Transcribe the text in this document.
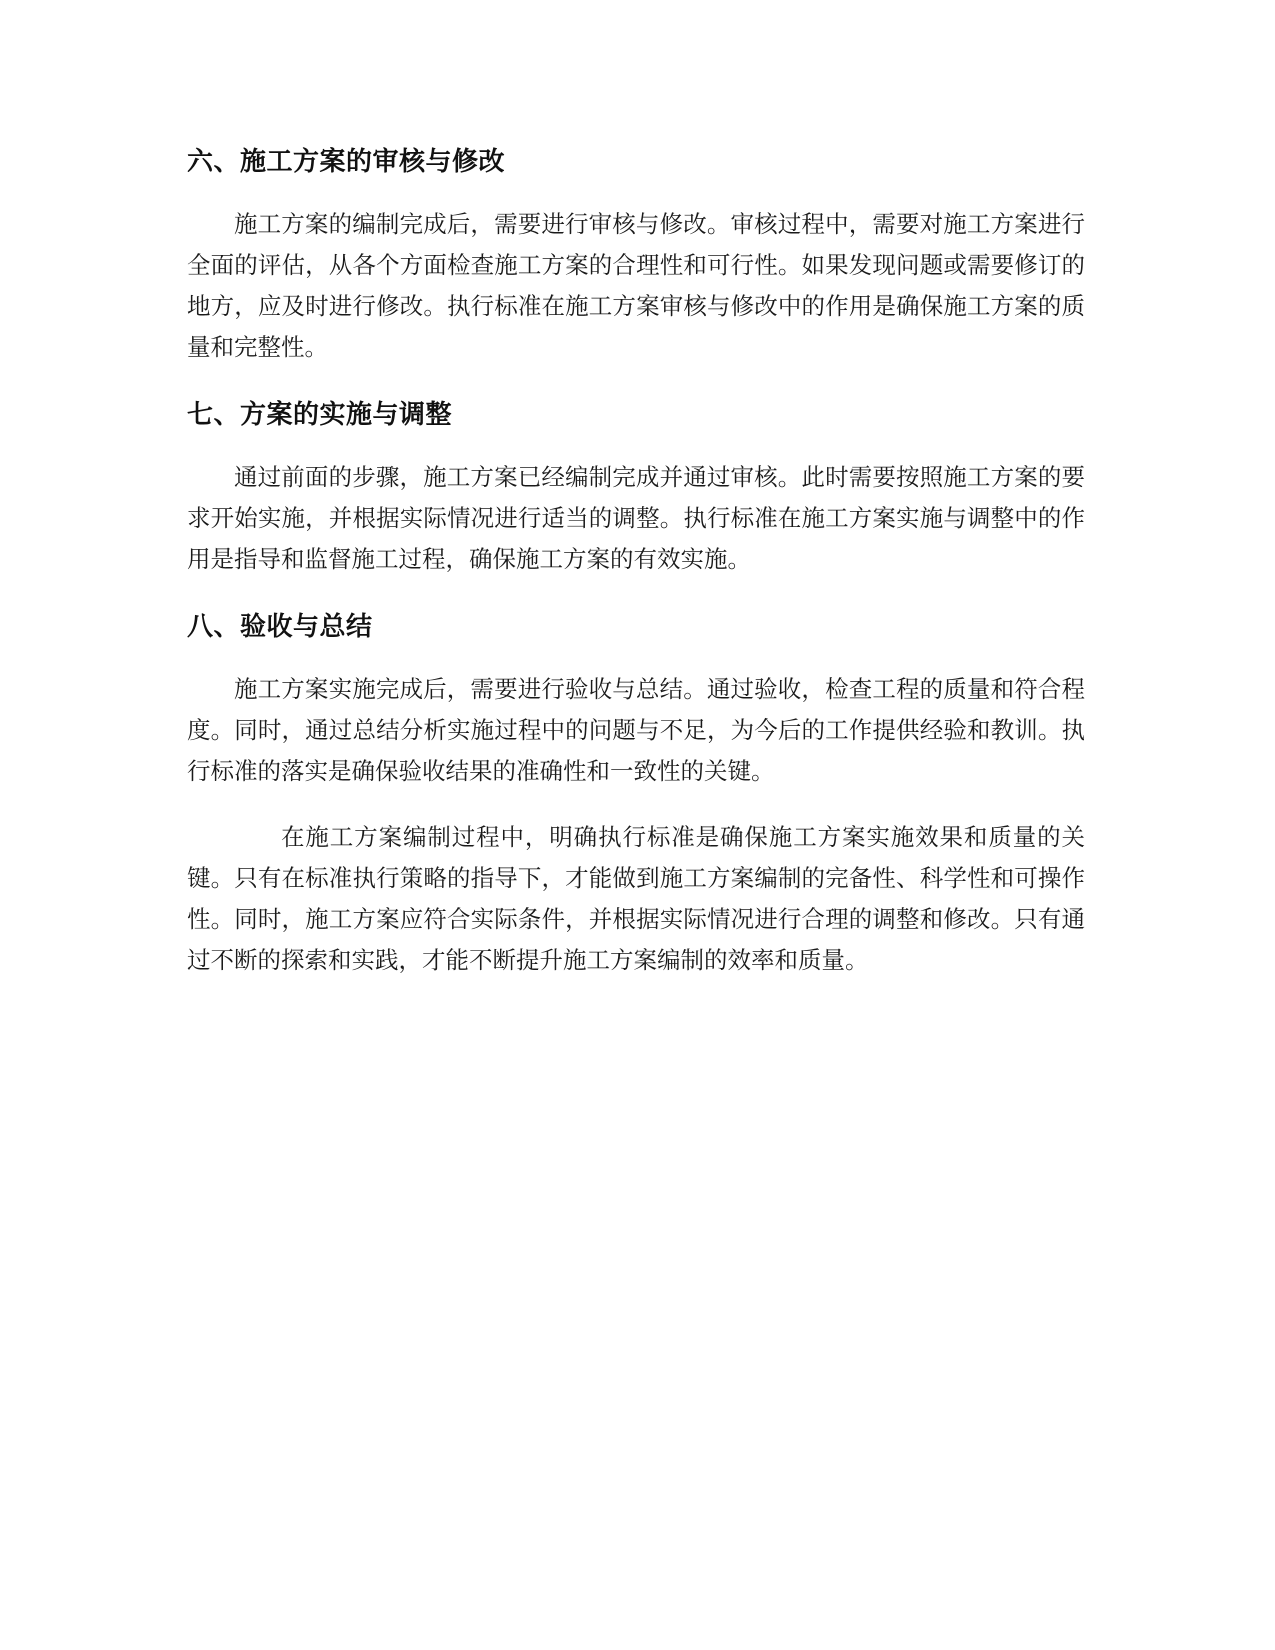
六、施工方案的审核与修改

施工方案的编制完成后，需要进行审核与修改。审核过程中，需要对施工方案进行全面的评估，从各个方面检查施工方案的合理性和可行性。如果发现问题或需要修订的地方，应及时进行修改。执行标准在施工方案审核与修改中的作用是确保施工方案的质量和完整性。

七、方案的实施与调整

通过前面的步骤，施工方案已经编制完成并通过审核。此时需要按照施工方案的要求开始实施，并根据实际情况进行适当的调整。执行标准在施工方案实施与调整中的作用是指导和监督施工过程，确保施工方案的有效实施。

八、验收与总结

施工方案实施完成后，需要进行验收与总结。通过验收，检查工程的质量和符合程度。同时，通过总结分析实施过程中的问题与不足，为今后的工作提供经验和教训。执行标准的落实是确保验收结果的准确性和一致性的关键。

在施工方案编制过程中，明确执行标准是确保施工方案实施效果和质量的关键。只有在标准执行策略的指导下，才能做到施工方案编制的完备性、科学性和可操作性。同时，施工方案应符合实际条件，并根据实际情况进行合理的调整和修改。只有通过不断的探索和实践，才能不断提升施工方案编制的效率和质量。
